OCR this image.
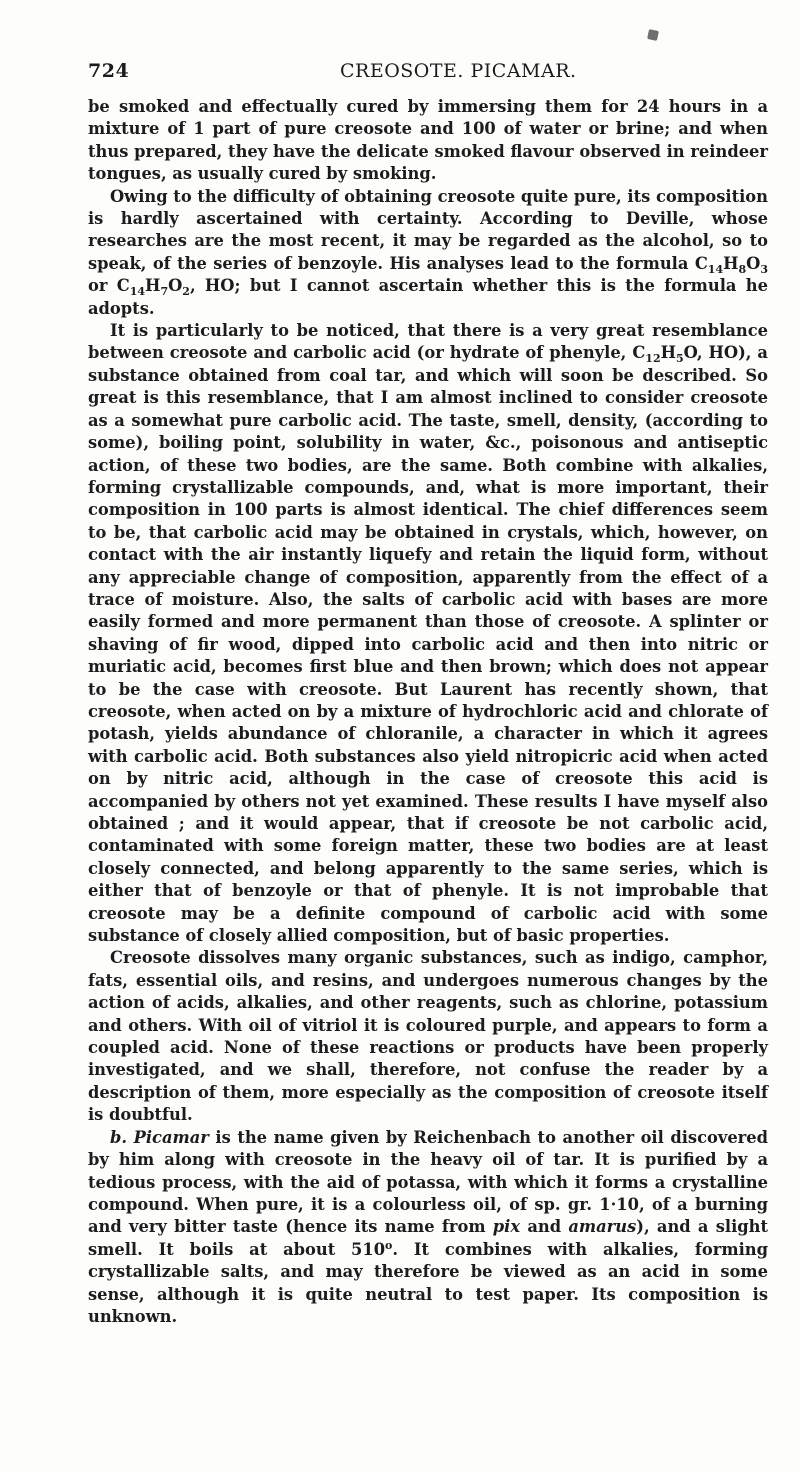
724	CREOSOTE. PICAMAR.

be smoked and effectually cured by immersing them for 24 hours in a mixture of 1 part of pure creosote and 100 of water or brine; and when thus prepared, they have the delicate smoked flavour observed in reindeer tongues, as usually cured by smoking.

Owing to the difficulty of obtaining creosote quite pure, its composition is hardly ascertained with certainty. According to Deville, whose researches are the most recent, it may be regarded as the alcohol, so to speak, of the series of benzoyle. His analyses lead to the formula $C_{14}H_8O_3$ or $C_{14}H_7O_2$, HO; but I cannot ascertain whether this is the formula he adopts.

It is particularly to be noticed, that there is a very great resemblance between creosote and carbolic acid (or hydrate of phenyle, $C_{12}H_5O$, HO), a substance obtained from coal tar, and which will soon be described. So great is this resemblance, that I am almost inclined to consider creosote as a somewhat pure carbolic acid. The taste, smell, density, (according to some), boiling point, solubility in water, &c., poisonous and antiseptic action, of these two bodies, are the same. Both combine with alkalies, forming crystallizable compounds, and, what is more important, their composition in 100 parts is almost identical. The chief differences seem to be, that carbolic acid may be obtained in crystals, which, however, on contact with the air instantly liquefy and retain the liquid form, without any appreciable change of composition, apparently from the effect of a trace of moisture. Also, the salts of carbolic acid with bases are more easily formed and more permanent than those of creosote. A splinter or shaving of fir wood, dipped into carbolic acid and then into nitric or muriatic acid, becomes first blue and then brown; which does not appear to be the case with creosote. But Laurent has recently shown, that creosote, when acted on by a mixture of hydrochloric acid and chlorate of potash, yields abundance of chloranile, a character in which it agrees with carbolic acid. Both substances also yield nitropicric acid when acted on by nitric acid, although in the case of creosote this acid is accompanied by others not yet examined. These results I have myself also obtained ; and it would appear, that if creosote be not carbolic acid, contaminated with some foreign matter, these two bodies are at least closely connected, and belong apparently to the same series, which is either that of benzoyle or that of phenyle. It is not improbable that creosote may be a definite compound of carbolic acid with some substance of closely allied composition, but of basic properties.

Creosote dissolves many organic substances, such as indigo, camphor, fats, essential oils, and resins, and undergoes numerous changes by the action of acids, alkalies, and other reagents, such as chlorine, potassium and others. With oil of vitriol it is coloured purple, and appears to form a coupled acid. None of these reactions or products have been properly investigated, and we shall, therefore, not confuse the reader by a description of them, more especially as the composition of creosote itself is doubtful.

b. Picamar is the name given by Reichenbach to another oil discovered by him along with creosote in the heavy oil of tar. It is purified by a tedious process, with the aid of potassa, with which it forms a crystalline compound. When pure, it is a colourless oil, of sp. gr. 1·10, of a burning and very bitter taste (hence its name from pix and amarus), and a slight smell. It boils at about 510$^o$. It combines with alkalies, forming crystallizable salts, and may therefore be viewed as an acid in some sense, although it is quite neutral to test paper. Its composition is unknown.
